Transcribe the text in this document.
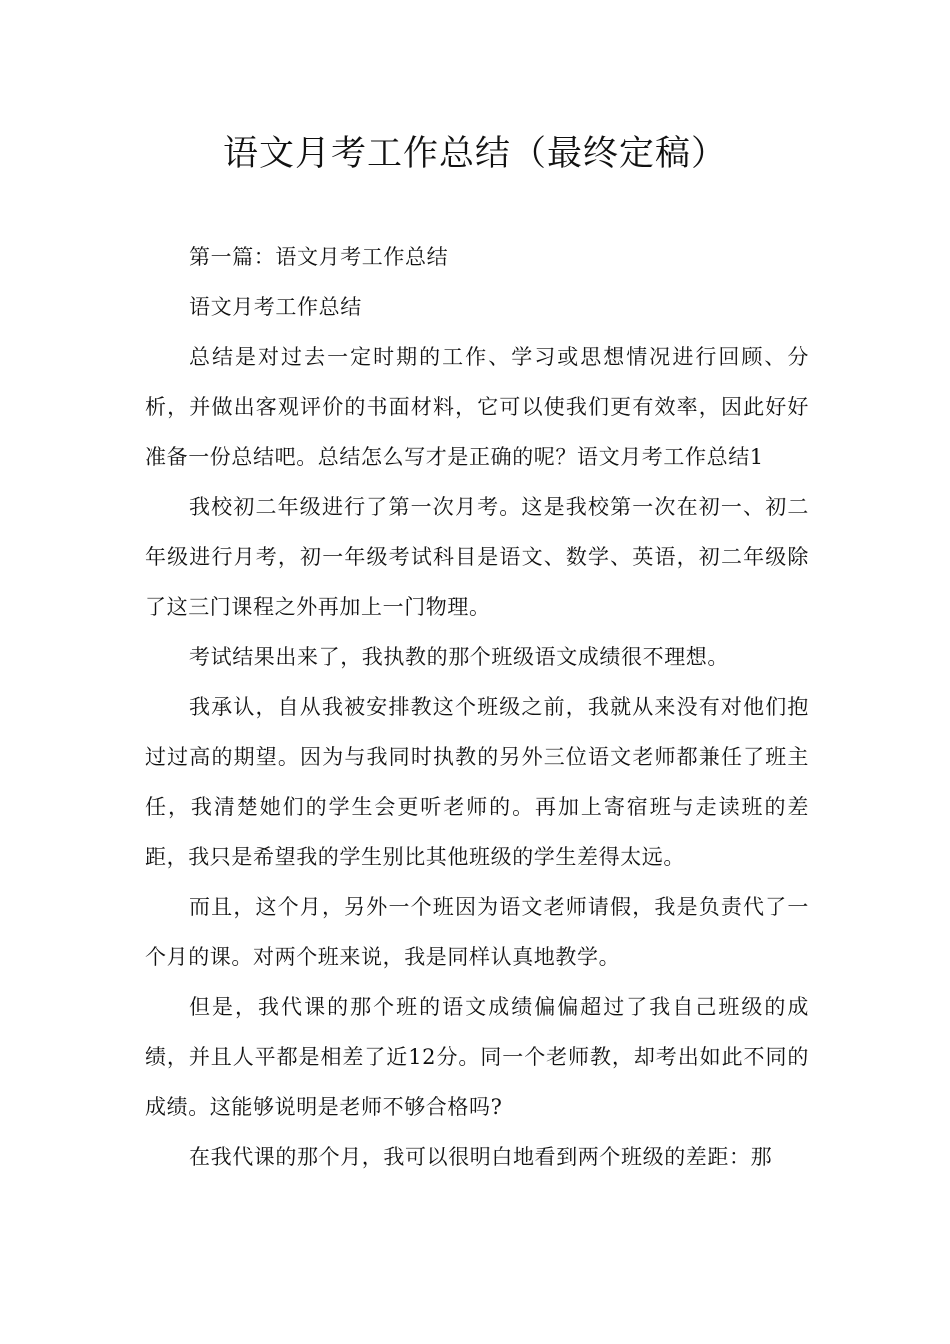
语文月考工作总结（最终定稿）

第一篇：语文月考工作总结

语文月考工作总结

总结是对过去一定时期的工作、学习或思想情况进行回顾、分析，并做出客观评价的书面材料，它可以使我们更有效率，因此好好准备一份总结吧。总结怎么写才是正确的呢？语文月考工作总结1

我校初二年级进行了第一次月考。这是我校第一次在初一、初二年级进行月考，初一年级考试科目是语文、数学、英语，初二年级除了这三门课程之外再加上一门物理。

考试结果出来了，我执教的那个班级语文成绩很不理想。

我承认，自从我被安排教这个班级之前，我就从来没有对他们抱过过高的期望。因为与我同时执教的另外三位语文老师都兼任了班主任，我清楚她们的学生会更听老师的。再加上寄宿班与走读班的差距，我只是希望我的学生别比其他班级的学生差得太远。

而且，这个月，另外一个班因为语文老师请假，我是负责代了一个月的课。对两个班来说，我是同样认真地教学。

但是，我代课的那个班的语文成绩偏偏超过了我自己班级的成绩，并且人平都是相差了近12分。同一个老师教，却考出如此不同的成绩。这能够说明是老师不够合格吗?

在我代课的那个月，我可以很明白地看到两个班级的差距：那
